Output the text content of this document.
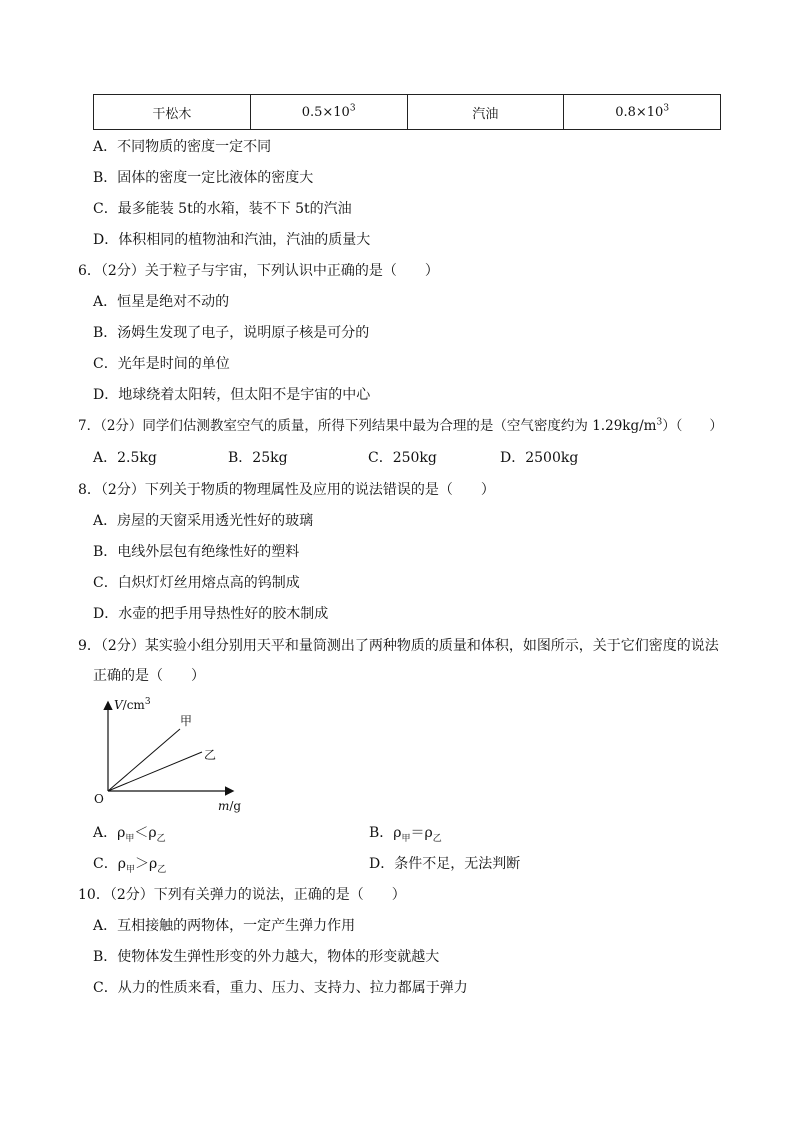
干松木	$0.5\times 10^3$	汽油	$0.8\times 10^3$
A．不同物质的密度一定不同
B．固体的密度一定比液体的密度大
C．最多能装 5t的水箱，装不下 5t的汽油
D．体积相同的植物油和汽油，汽油的质量大
6．（2分）关于粒子与宇宙，下列认识中正确的是（　　）
A．恒星是绝对不动的
B．汤姆生发现了电子，说明原子核是可分的
C．光年是时间的单位
D．地球绕着太阳转，但太阳不是宇宙的中心
7．（2分）同学们估测教室空气的质量，所得下列结果中最为合理的是（空气密度约为 $1.29kg/m^3$）（　　）
A．2.5kg	B．25kg	C．250kg	D．2500kg
8．（2分）下列关于物质的物理属性及应用的说法错误的是（　　）
A．房屋的天窗采用透光性好的玻璃
B．电线外层包有绝缘性好的塑料
C．白炽灯灯丝用熔点高的钨制成
D．水壶的把手用导热性好的胶木制成
9．（2分）某实验小组分别用天平和量筒测出了两种物质的质量和体积，如图所示，关于它们密度的说法
正确的是（　　）
$V/cm^3$
甲
乙
O	m/g
A．$\rho_甲<\rho_乙$	B．$\rho_甲=\rho_乙$
C．$\rho_甲>\rho_乙$	D．条件不足，无法判断
10．（2分）下列有关弹力的说法，正确的是（　　）
A．互相接触的两物体，一定产生弹力作用
B．使物体发生弹性形变的外力越大，物体的形变就越大
C．从力的性质来看，重力、压力、支持力、拉力都属于弹力
